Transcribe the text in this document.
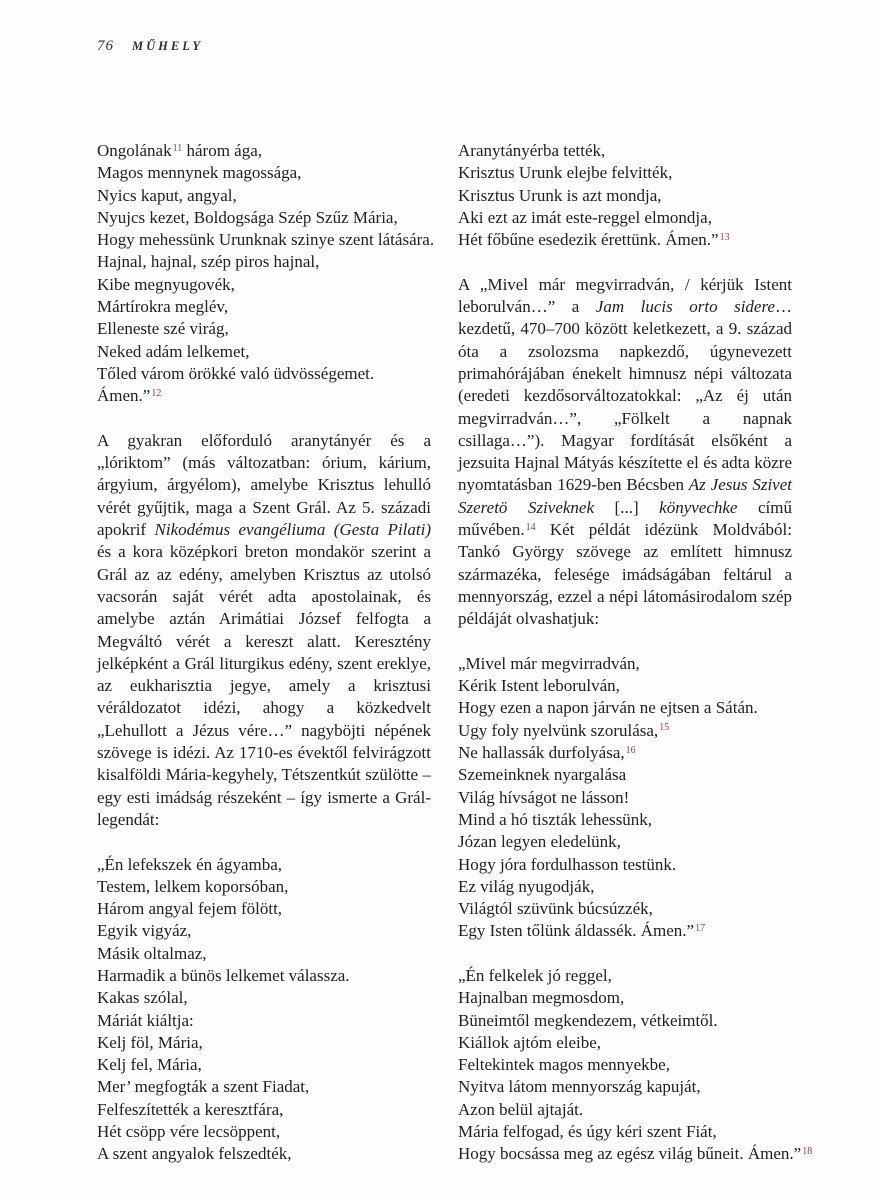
76 MŰHELY
Ongolának$^{11}$ három ága,
Magos mennynek magossága,
Nyics kaput, angyal,
Nyujcs kezet, Boldogsága Szép Szűz Mária,
Hogy mehessünk Urunknak szinye szent látására.
Hajnal, hajnal, szép piros hajnal,
Kibe megnyugovék,
Mártírokra meglév,
Elleneste szé virág,
Neked adám lelkemet,
Tőled várom örökké való üdvösségemet.
Ámen.”$^{12}$

A gyakran előforduló aranytányér és a „lóriktom” (más változatban: órium, kárium, árgyium, árgyélom), amelybe Krisztus lehulló vérét gyűjtik, maga a Szent Grál. Az 5. századi apokrif Nikodémus evangéliuma (Gesta Pilati) és a kora középkori breton mondakör szerint a Grál az az edény, amelyben Krisztus az utolsó vacsorán saját vérét adta apostolainak, és amelybe aztán Arimátiai József felfogta a Megváltó vérét a kereszt alatt. Keresztény jelképként a Grál liturgikus edény, szent ereklye, az eukharisztia jegye, amely a krisztusi véráldozatot idézi, ahogy a közkedvelt „Lehullott a Jézus vére…” nagyböjti népének szövege is idézi. Az 1710-es évektől felvirágzott kisalföldi Mária-kegyhely, Tétszentkút szülötte – egy esti imádság részeként – így ismerte a Grál-legendát:

„Én lefekszek én ágyamba,
Testem, lelkem koporsóban,
Három angyal fejem fölött,
Egyik vigyáz,
Másik oltalmaz,
Harmadik a bünös lelkemet válassza.
Kakas szólal,
Máriát kiáltja:
Kelj föl, Mária,
Kelj fel, Mária,
Mer’ megfogták a szent Fiadat,
Felfeszítették a keresztfára,
Hét csöpp vére lecsöppent,
A szent angyalok felszedték,
Aranytányérba tették,
Krisztus Urunk elejbe felvitték,
Krisztus Urunk is azt mondja,
Aki ezt az imát este-reggel elmondja,
Hét főbűne esedezik érettünk. Ámen.”$^{13}$

A „Mivel már megvirradván, / kérjük Istent leborulván…” a Jam lucis orto sidere… kezdetű, 470–700 között keletkezett, a 9. század óta a zsolozsma napkezdő, úgynevezett primahórájában énekelt himnusz népi változata (eredeti kezdősorváltozatokkal: „Az éj után megvirradván…”, „Fölkelt a napnak csillaga…”). Magyar fordítását elsőként a jezsuita Hajnal Mátyás készítette el és adta közre nyomtatásban 1629-ben Bécsben Az Jesus Szivet Szeretö Sziveknek [...] könyvechke című művében.$^{14}$ Két példát idézünk Moldvából: Tankó György szövege az említett himnusz származéka, felesége imádságában feltárul a mennyország, ezzel a népi látomásirodalom szép példáját olvashatjuk:

„Mivel már megvirradván,
Kérik Istent leborulván,
Hogy ezen a napon járván ne ejtsen a Sátán.
Ugy foly nyelvünk szorulása,$^{15}$
Ne hallassák durfolyása,$^{16}$
Szemeinknek nyargalása
Világ hívságot ne lásson!
Mind a hó tiszták lehessünk,
Józan legyen eledelünk,
Hogy jóra fordulhasson testünk.
Ez világ nyugodják,
Világtól szüvünk búcsúzzék,
Egy Isten tőlünk áldassék. Ámen.”$^{17}$
„Én felkelek jó reggel,
Hajnalban megmosdom,
Büneimtől megkendezem, vétkeimtől.
Kiállok ajtóm eleibe,
Feltekintek magos mennyekbe,
Nyitva látom mennyország kapuját,
Azon belül ajtaját.
Mária felfogad, és úgy kéri szent Fiát,
Hogy bocsássa meg az egész világ bűneit. Ámen.”$^{18}$
